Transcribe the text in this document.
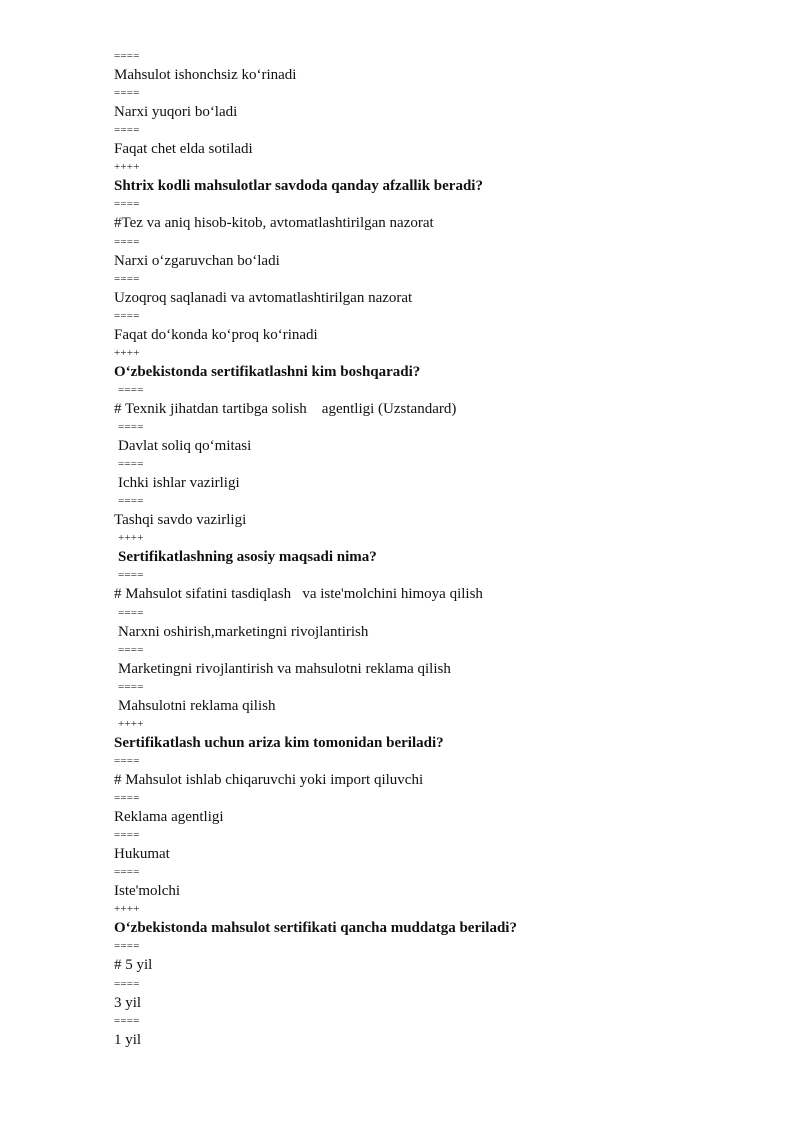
====
Mahsulot ishonchsiz koʻrinadi
====
Narxi yuqori boʻladi
====
Faqat chet elda sotiladi
++++
Shtrix kodli mahsulotlar savdoda qanday afzallik beradi?
====
#Tez va aniq hisob-kitob, avtomatlashtirilgan nazorat
====
Narxi oʻzgaruvchan boʻladi
====
Uzoqroq saqlanadi va avtomatlashtirilgan nazorat
====
Faqat doʻkonda koʻproq koʻrinadi
++++
Oʻzbekistonda sertifikatlashni kim boshqaradi?
====
# Texnik jihatdan tartibga solish    agentligi (Uzstandard)
====
Davlat soliq qoʻmitasi
====
Ichki ishlar vazirligi
====
Tashqi savdo vazirligi
++++
Sertifikatlashning asosiy maqsadi nima?
====
# Mahsulot sifatini tasdiqlash   va iste'molchini himoya qilish
====
Narxni oshirish,marketingni rivojlantirish
====
Marketingni rivojlantirish va mahsulotni reklama qilish
====
Mahsulotni reklama qilish
++++
Sertifikatlash uchun ariza kim tomonidan beriladi?
====
# Mahsulot ishlab chiqaruvchi yoki import qiluvchi
====
Reklama agentligi
====
Hukumat
====
Iste'molchi
++++
Oʻzbekistonda mahsulot sertifikati qancha muddatga beriladi?
====
# 5 yil
====
3 yil
====
1 yil
